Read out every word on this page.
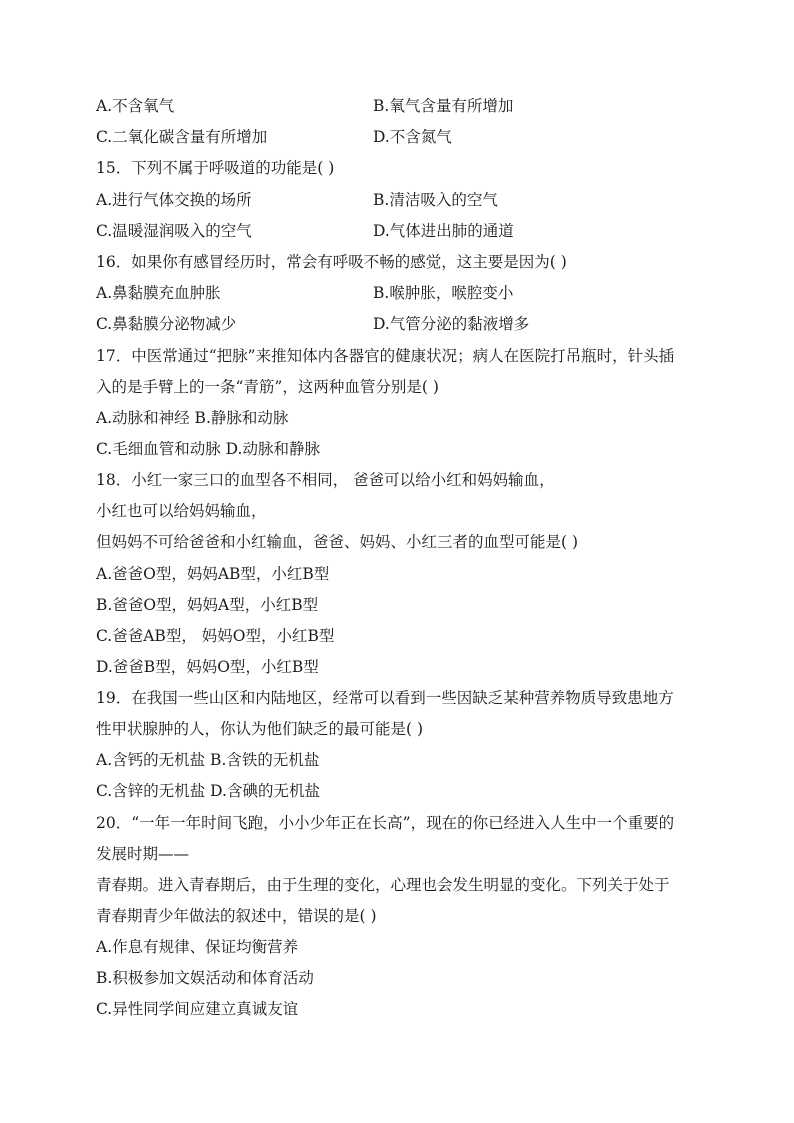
A.不含氧气	B.氧气含量有所增加
C.二氧化碳含量有所增加	D.不含氮气
15．下列不属于呼吸道的功能是( )
A.进行气体交换的场所	B.清洁吸入的空气
C.温暖湿润吸入的空气	D.气体进出肺的通道
16．如果你有感冒经历时，常会有呼吸不畅的感觉，这主要是因为( )
A.鼻黏膜充血肿胀	B.喉肿胀，喉腔变小
C.鼻黏膜分泌物减少	D.气管分泌的黏液增多
17．中医常通过“把脉”来推知体内各器官的健康状况；病人在医院打吊瓶时，针头插
入的是手臂上的一条“青筋”，这两种血管分别是( )
A.动脉和神经 B.静脉和动脉
C.毛细血管和动脉 D.动脉和静脉
18．小红一家三口的血型各不相同， 爸爸可以给小红和妈妈输血，
小红也可以给妈妈输血，
但妈妈不可给爸爸和小红输血，爸爸、妈妈、小红三者的血型可能是( )
A.爸爸O型，妈妈AB型，小红B型
B.爸爸O型，妈妈A型，小红B型
C.爸爸AB型， 妈妈O型，小红B型
D.爸爸B型，妈妈O型，小红B型
19．在我国一些山区和内陆地区，经常可以看到一些因缺乏某种营养物质导致患地方
性甲状腺肿的人，你认为他们缺乏的最可能是( )
A.含钙的无机盐 B.含铁的无机盐
C.含锌的无机盐 D.含碘的无机盐
20．“一年一年时间飞跑，小小少年正在长高”，现在的你已经进入人生中一个重要的
发展时期——
青春期。进入青春期后，由于生理的变化，心理也会发生明显的变化。下列关于处于
青春期青少年做法的叙述中，错误的是( )
A.作息有规律、保证均衡营养
B.积极参加文娱活动和体育活动
C.异性同学间应建立真诚友谊
